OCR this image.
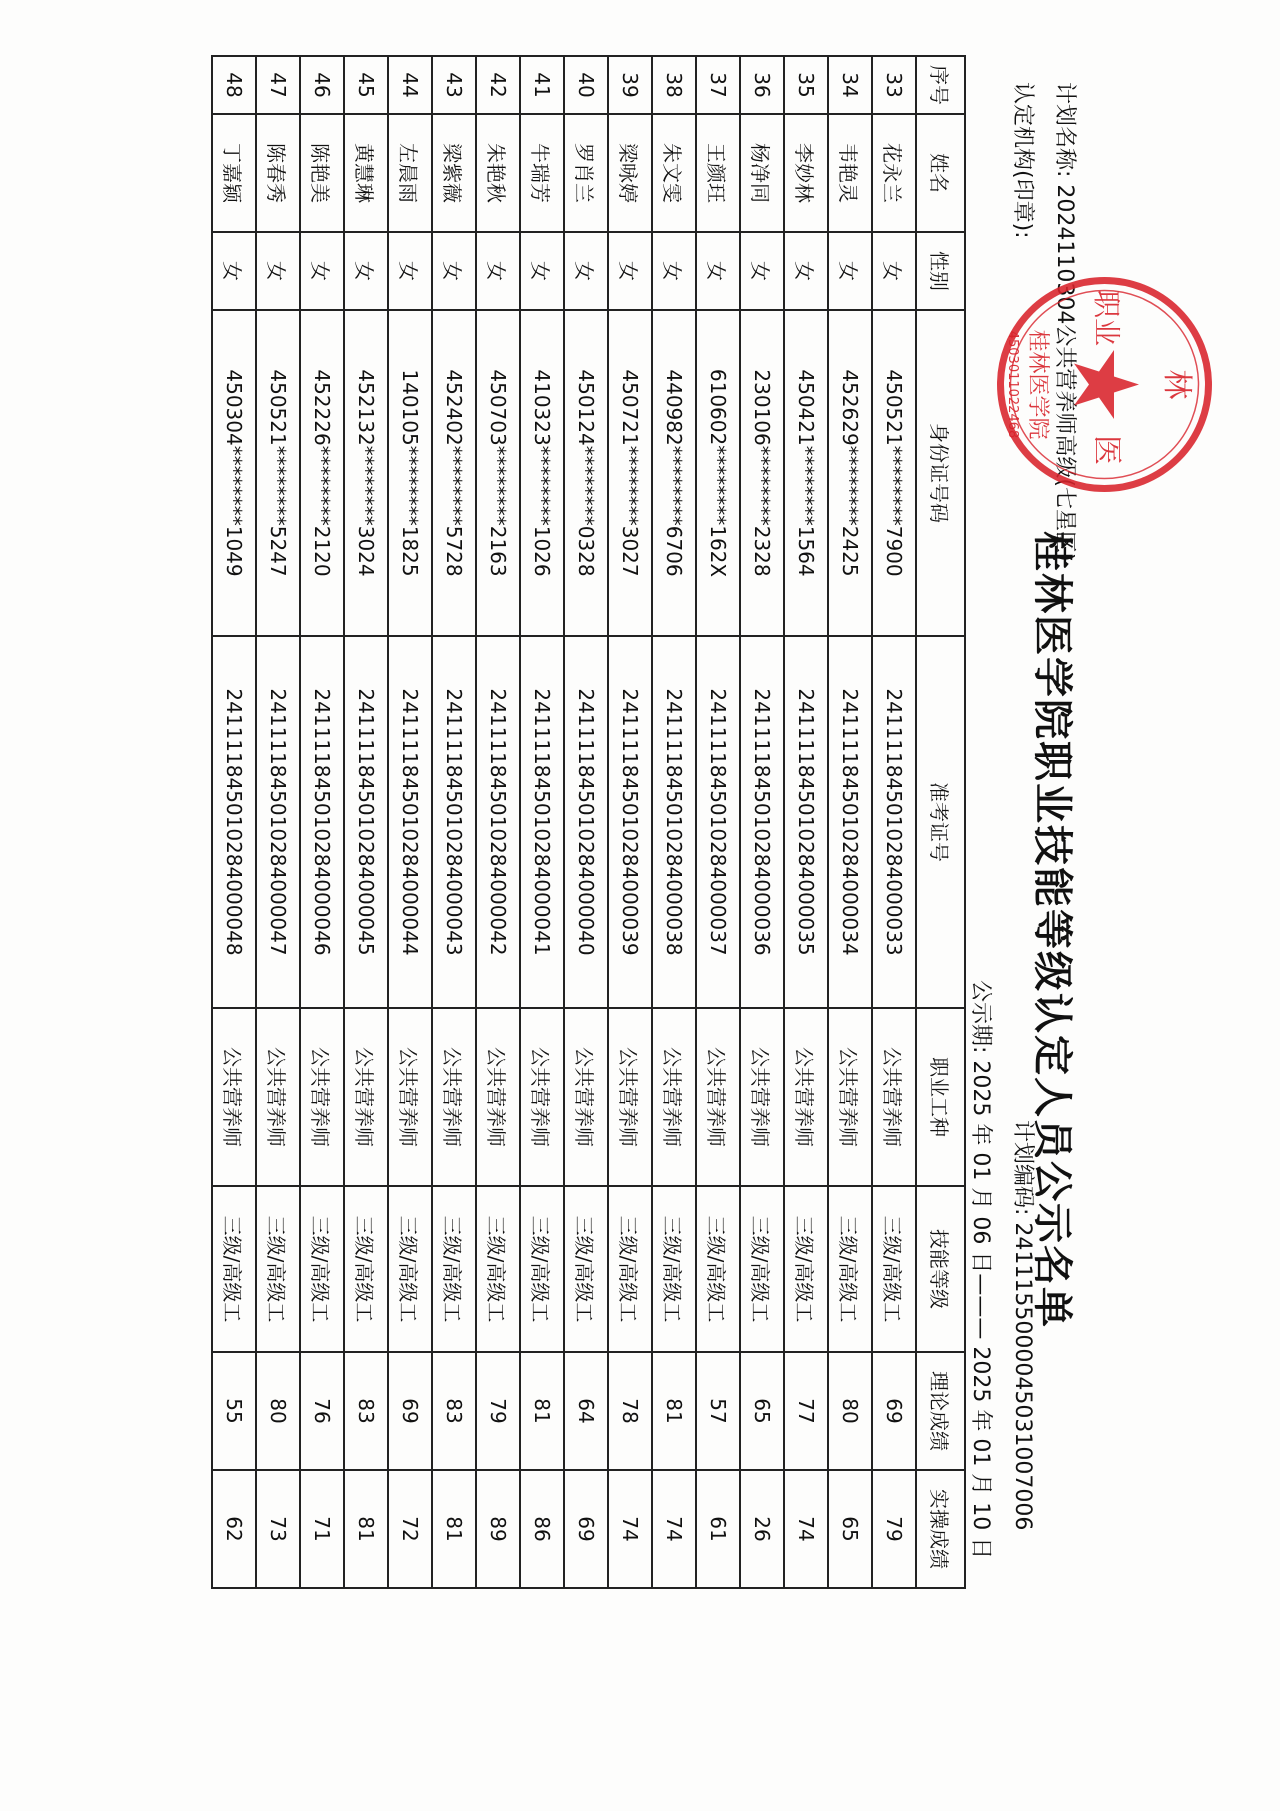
桂林医学院职业技能等级认定人员公示名单
计划名称: 2024110304公共营养师高级(七星区)
认定机构(印章):
计划编码: 2411155000045031007006
公示期: 2025 年 01 月 06 日——— 2025 年 01 月 10 日
序号	姓名	性别	身份证号码	准考证号	职业工种	技能等级	理论成绩	实操成绩
33	花永兰	女	450521********7900	241111845010284000033	公共营养师	三级/高级工	69	79
34	韦艳灵	女	452629********2425	241111845010284000034	公共营养师	三级/高级工	80	65
35	李妙林	女	450421********1564	241111845010284000035	公共营养师	三级/高级工	77	74
36	杨净同	女	230106********2328	241111845010284000036	公共营养师	三级/高级工	65	26
37	王颜玨	女	610602********162X	241111845010284000037	公共营养师	三级/高级工	57	61
38	朱文雯	女	440982********6706	241111845010284000038	公共营养师	三级/高级工	81	74
39	梁咏婷	女	450721********3027	241111845010284000039	公共营养师	三级/高级工	78	74
40	罗肖兰	女	450124********0328	241111845010284000040	公共营养师	三级/高级工	64	69
41	牛瑞芳	女	410323********1026	241111845010284000041	公共营养师	三级/高级工	81	86
42	朱艳秋	女	450703********2163	241111845010284000042	公共营养师	三级/高级工	79	89
43	梁紫薇	女	452402********5728	241111845010284000043	公共营养师	三级/高级工	83	81
44	左晨雨	女	140105********1825	241111845010284000044	公共营养师	三级/高级工	69	72
45	黄慧琳	女	452132********3024	241111845010284000045	公共营养师	三级/高级工	83	81
46	陈艳美	女	452226********2120	241111845010284000046	公共营养师	三级/高级工	76	71
47	陈春秀	女	450521********5247	241111845010284000047	公共营养师	三级/高级工	80	73
48	丁嘉颖	女	450304********1049	241111845010284000048	公共营养师	三级/高级工	55	62
林
医
职业
桂林医学院
4503011022468
